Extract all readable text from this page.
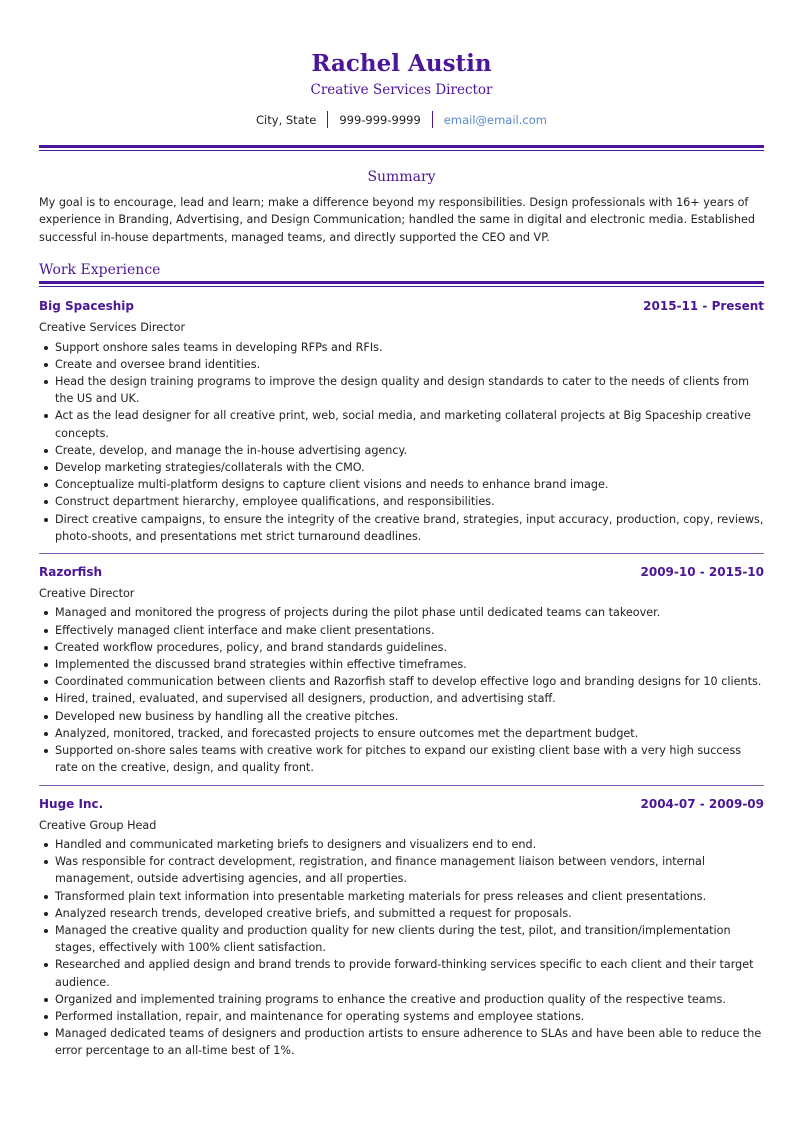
Rachel Austin
Creative Services Director
City, State 999-999-9999 email@email.com
Summary
My goal is to encourage, lead and learn; make a difference beyond my responsibilities. Design professionals with 16+ years of experience in Branding, Advertising, and Design Communication; handled the same in digital and electronic media. Established successful in-house departments, managed teams, and directly supported the CEO and VP.
Work Experience
Big Spaceship	2015-11 - Present
Creative Services Director
Support onshore sales teams in developing RFPs and RFIs.
Create and oversee brand identities.
Head the design training programs to improve the design quality and design standards to cater to the needs of clients from the US and UK.
Act as the lead designer for all creative print, web, social media, and marketing collateral projects at Big Spaceship creative concepts.
Create, develop, and manage the in-house advertising agency.
Develop marketing strategies/collaterals with the CMO.
Conceptualize multi-platform designs to capture client visions and needs to enhance brand image.
Construct department hierarchy, employee qualifications, and responsibilities.
Direct creative campaigns, to ensure the integrity of the creative brand, strategies, input accuracy, production, copy, reviews, photo-shoots, and presentations met strict turnaround deadlines.
Razorfish	2009-10 - 2015-10
Creative Director
Managed and monitored the progress of projects during the pilot phase until dedicated teams can takeover.
Effectively managed client interface and make client presentations.
Created workflow procedures, policy, and brand standards guidelines.
Implemented the discussed brand strategies within effective timeframes.
Coordinated communication between clients and Razorfish staff to develop effective logo and branding designs for 10 clients.
Hired, trained, evaluated, and supervised all designers, production, and advertising staff.
Developed new business by handling all the creative pitches.
Analyzed, monitored, tracked, and forecasted projects to ensure outcomes met the department budget.
Supported on-shore sales teams with creative work for pitches to expand our existing client base with a very high success rate on the creative, design, and quality front.
Huge Inc.	2004-07 - 2009-09
Creative Group Head
Handled and communicated marketing briefs to designers and visualizers end to end.
Was responsible for contract development, registration, and finance management liaison between vendors, internal management, outside advertising agencies, and all properties.
Transformed plain text information into presentable marketing materials for press releases and client presentations.
Analyzed research trends, developed creative briefs, and submitted a request for proposals.
Managed the creative quality and production quality for new clients during the test, pilot, and transition/implementation stages, effectively with 100% client satisfaction.
Researched and applied design and brand trends to provide forward-thinking services specific to each client and their target audience.
Organized and implemented training programs to enhance the creative and production quality of the respective teams.
Performed installation, repair, and maintenance for operating systems and employee stations.
Managed dedicated teams of designers and production artists to ensure adherence to SLAs and have been able to reduce the error percentage to an all-time best of 1%.
